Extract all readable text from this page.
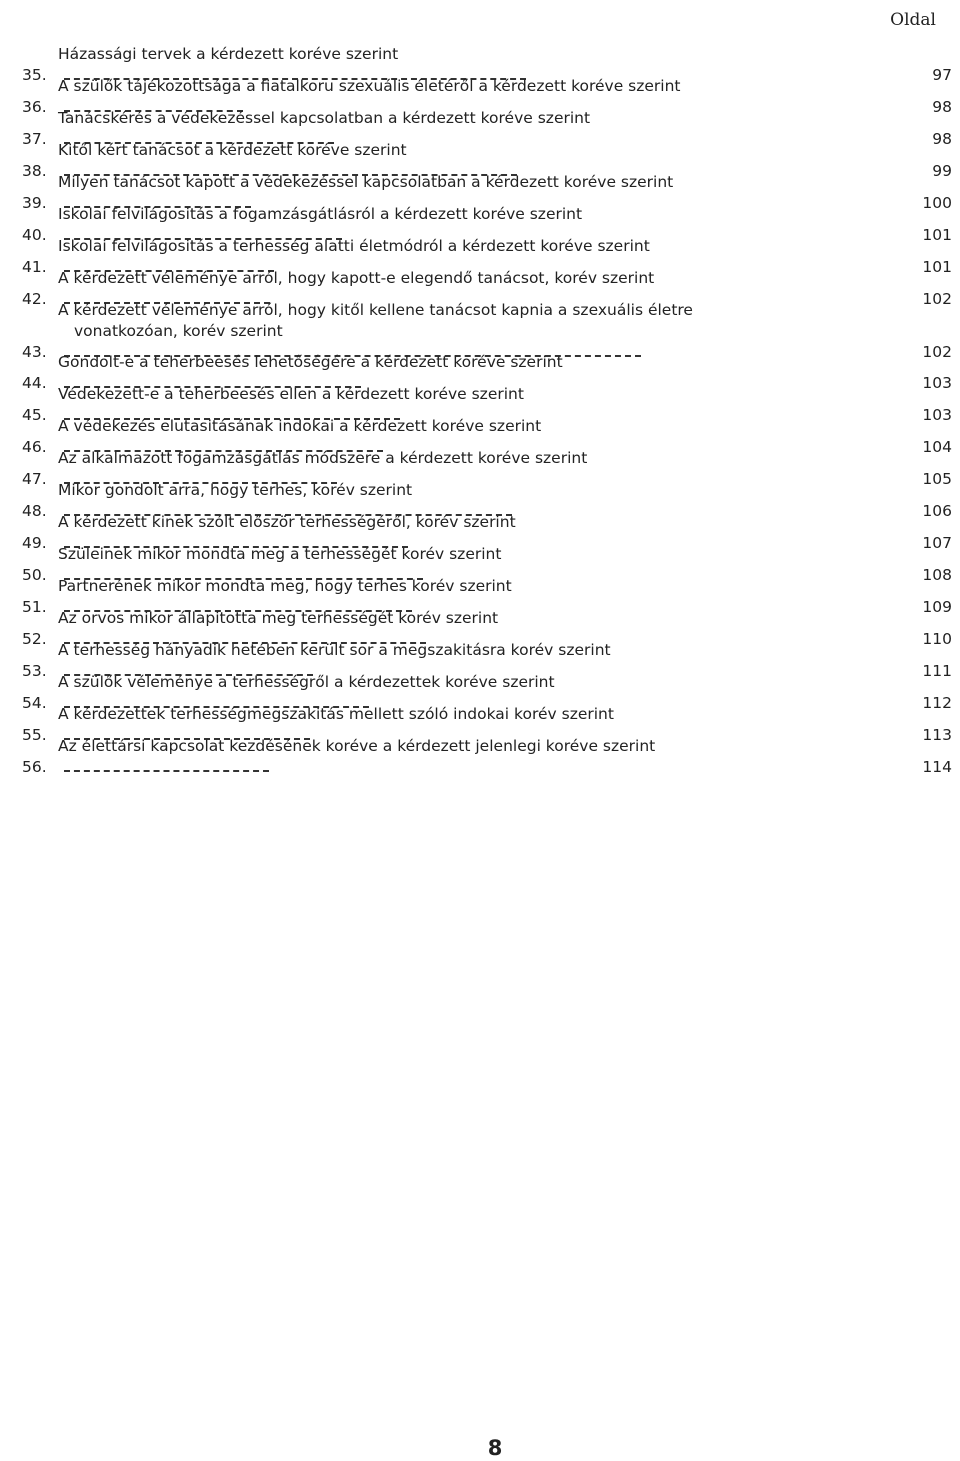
Oldal
35.
Házassági tervek a kérdezett koréve szerint
97
36.
A szülők tájékozottsága a fiatalkoru szexuális életéről a kérdezett koréve szerint
98
37.
Tanácskérés a védekezéssel kapcsolatban a kérdezett koréve szerint
98
38.
Kitől kért tanácsot a kérdezett koréve szerint
99
39.
Milyen tanácsot kapott a védekezéssel kapcsolatban a kérdezett koréve szerint
100
40.
Iskolai felvilágositás a fogamzásgátlásról a kérdezett koréve szerint
101
41.
Iskolai felvilágositás a terhesség alatti életmódról a kérdezett koréve szerint
101
42.
A kérdezett véleménye arról, hogy kapott-e elegendő tanácsot, korév szerint
102
43.
A kérdezett véleménye arról, hogy kitől kellene tanácsot kapnia a szexuális életre
vonatkozóan, korév szerint
102
44.
Gondolt-e a teherbeesés lehetőségére a kérdezett koréve szerint
103
45.
Védekezett-e a teherbeesés ellen a kérdezett koréve szerint
103
46.
A védekezés elutasitásának indokai a kérdezett koréve szerint
104
47.
Az alkalmazott fogamzásgátlás módszere a kérdezett koréve szerint
105
48.
Mikor gondolt arra, hogy terhes, korév szerint
106
49.
A kérdezett kinek szólt először terhességéről, korév szerint
107
50.
Szüleinek mikor mondta meg a terhességét korév szerint
108
51.
Partnerének mikor mondta meg, hogy terhes korév szerint
109
52.
Az orvos mikor állapitotta meg terhességét korév szerint
110
53.
A terhesség hányadik hetében került sor a megszakitásra korév szerint
111
54.
A szülők véleménye a terhességről a kérdezettek koréve szerint
112
55.
A kérdezettek terhességmegszakitás mellett szóló indokai korév szerint
113
56.
Az élettársi kapcsolat kezdésének koréve a kérdezett jelenlegi koréve szerint
114
8
